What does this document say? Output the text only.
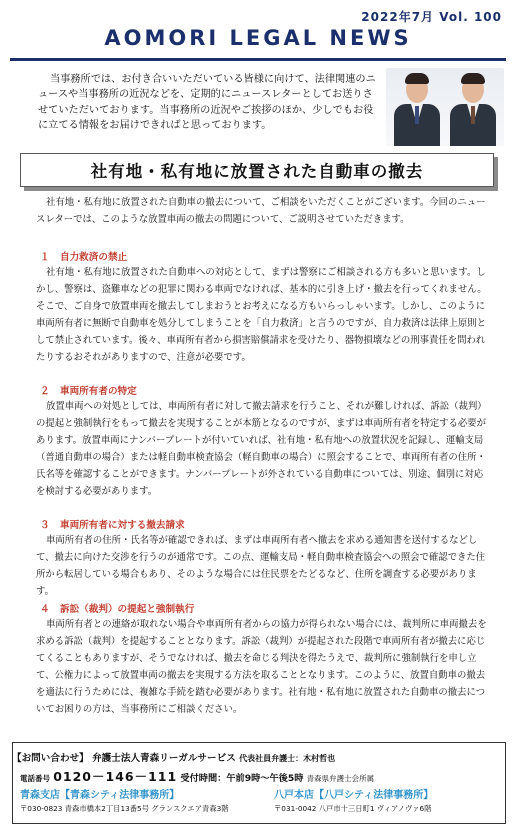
2022年7月 Vol. 100
AOMORI LEGAL NEWS
当事務所では、お付き合いいただいている皆様に向けて、法律関連のニュースや当事務所の近況などを、定期的にニュースレターとしてお送りさせていただいております。当事務所の近況やご挨拶のほか、少しでもお役に立てる情報をお届けできればと思っております。
社有地・私有地に放置された自動車の撤去
社有地・私有地に放置された自動車の撤去について、ご相談をいただくことがございます。今回のニュースレターでは、このような放置車両の撤去の問題について、ご説明させていただきます。
１ 自力救済の禁止
社有地・私有地に放置された自動車への対応として、まずは警察にご相談される方も多いと思います。しかし、警察は、盗難車などの犯罪に関わる車両でなければ、基本的に引き上げ・撤去を行ってくれません。そこで、ご自身で放置車両を撤去してしまおうとお考えになる方もいらっしゃいます。しかし、このように車両所有者に無断で自動車を処分してしまうことを「自力救済」と言うのですが、自力救済は法律上原則として禁止されています。後々、車両所有者から損害賠償請求を受けたり、器物損壊などの刑事責任を問われたりするおそれがありますので、注意が必要です。
２ 車両所有者の特定
放置車両への対処としては、車両所有者に対して撤去請求を行うこと、それが難しければ、訴訟（裁判）の提起と強制執行をもって撤去を実現することが本筋となるのですが、まずは車両所有者を特定する必要があります。放置車両にナンバープレートが付いていれば、社有地・私有地への放置状況を記録し、運輸支局（普通自動車の場合）または軽自動車検査協会（軽自動車の場合）に照会することで、車両所有者の住所・氏名等を確認することができます。ナンバープレートが外されている自動車については、別途、個別に対応を検討する必要があります。
３ 車両所有者に対する撤去請求
車両所有者の住所・氏名等が確認できれば、まずは車両所有者へ撤去を求める通知書を送付するなどして、撤去に向けた交渉を行うのが通常です。この点、運輸支局・軽自動車検査協会への照会で確認できた住所から転居している場合もあり、そのような場合には住民票をたどるなど、住所を調査する必要があります。
４ 訴訟（裁判）の提起と強制執行
車両所有者との連絡が取れない場合や車両所有者からの協力が得られない場合には、裁判所に車両撤去を求める訴訟（裁判）を提起することとなります。訴訟（裁判）が提起された段階で車両所有者が撤去に応じてくることもありますが、そうでなければ、撤去を命じる判決を得たうえで、裁判所に強制執行を申し立て、公権力によって放置車両の撤去を実現する方法を取ることとなります。このように、放置自動車の撤去を適法に行うためには、複雑な手続を踏む必要があります。社有地・私有地に放置された自動車の撤去についてお困りの方は、当事務所にご相談ください。
【お問い合わせ】 弁護士法人青森リーガルサービス 代表社員弁護士：木村哲也
電話番号 0120－146－111 受付時間：午前9時～午後5時 青森県弁護士会所属
青森支店【青森シティ法律事務所】	八戸本店【八戸シティ法律事務所】
〒030-0823 青森市橋本2丁目13番5号 グランスクエア青森3階	〒031-0042 八戸市十三日町1 ヴィアノヴァ6階
